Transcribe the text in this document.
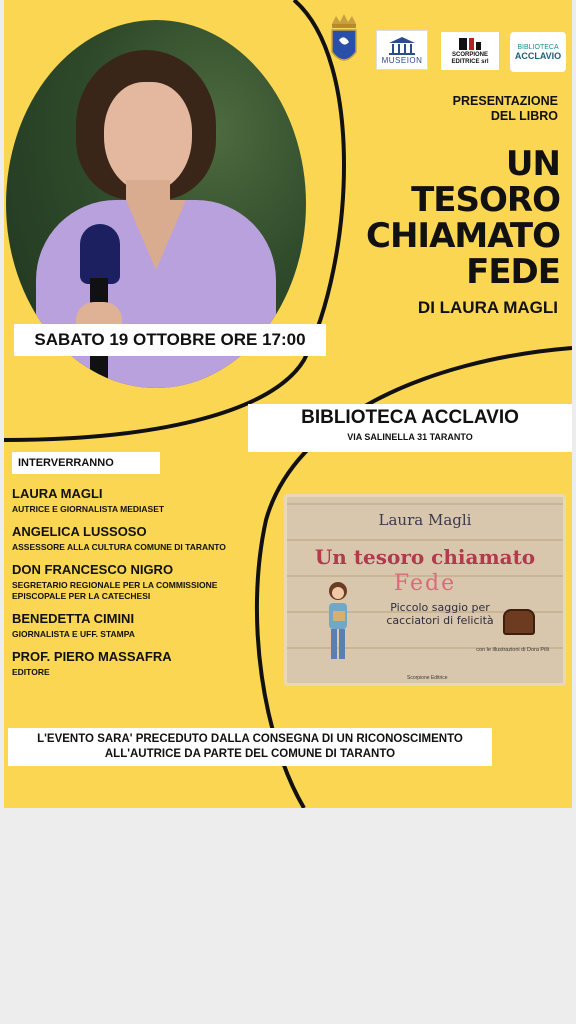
MUSEION
SCORPIONE EDITRICE srl
BIBLIOTECA
ACCLAVIO
PRESENTAZIONE
DEL LIBRO
UN
TESORO
CHIAMATO
FEDE
DI LAURA MAGLI
SABATO 19 OTTOBRE ORE 17:00
BIBLIOTECA ACCLAVIO
VIA SALINELLA 31 TARANTO
INTERVERRANNO
LAURA MAGLI
AUTRICE E GIORNALISTA MEDIASET
ANGELICA LUSSOSO
ASSESSORE ALLA CULTURA COMUNE DI TARANTO
DON FRANCESCO NIGRO
SEGRETARIO REGIONALE PER LA COMMISSIONE EPISCOPALE PER LA CATECHESI
BENEDETTA CIMINI
GIORNALISTA E UFF. STAMPA
PROF. PIERO MASSAFRA
EDITORE
Laura Magli
Un tesoro chiamato
Fede
Piccolo saggio per cacciatori di felicità
con le illustrazioni di Dora Pilli
Scorpione Editrice
L'EVENTO SARA' PRECEDUTO DALLA CONSEGNA DI UN RICONOSCIMENTO
ALL'AUTRICE DA PARTE DEL COMUNE DI TARANTO
